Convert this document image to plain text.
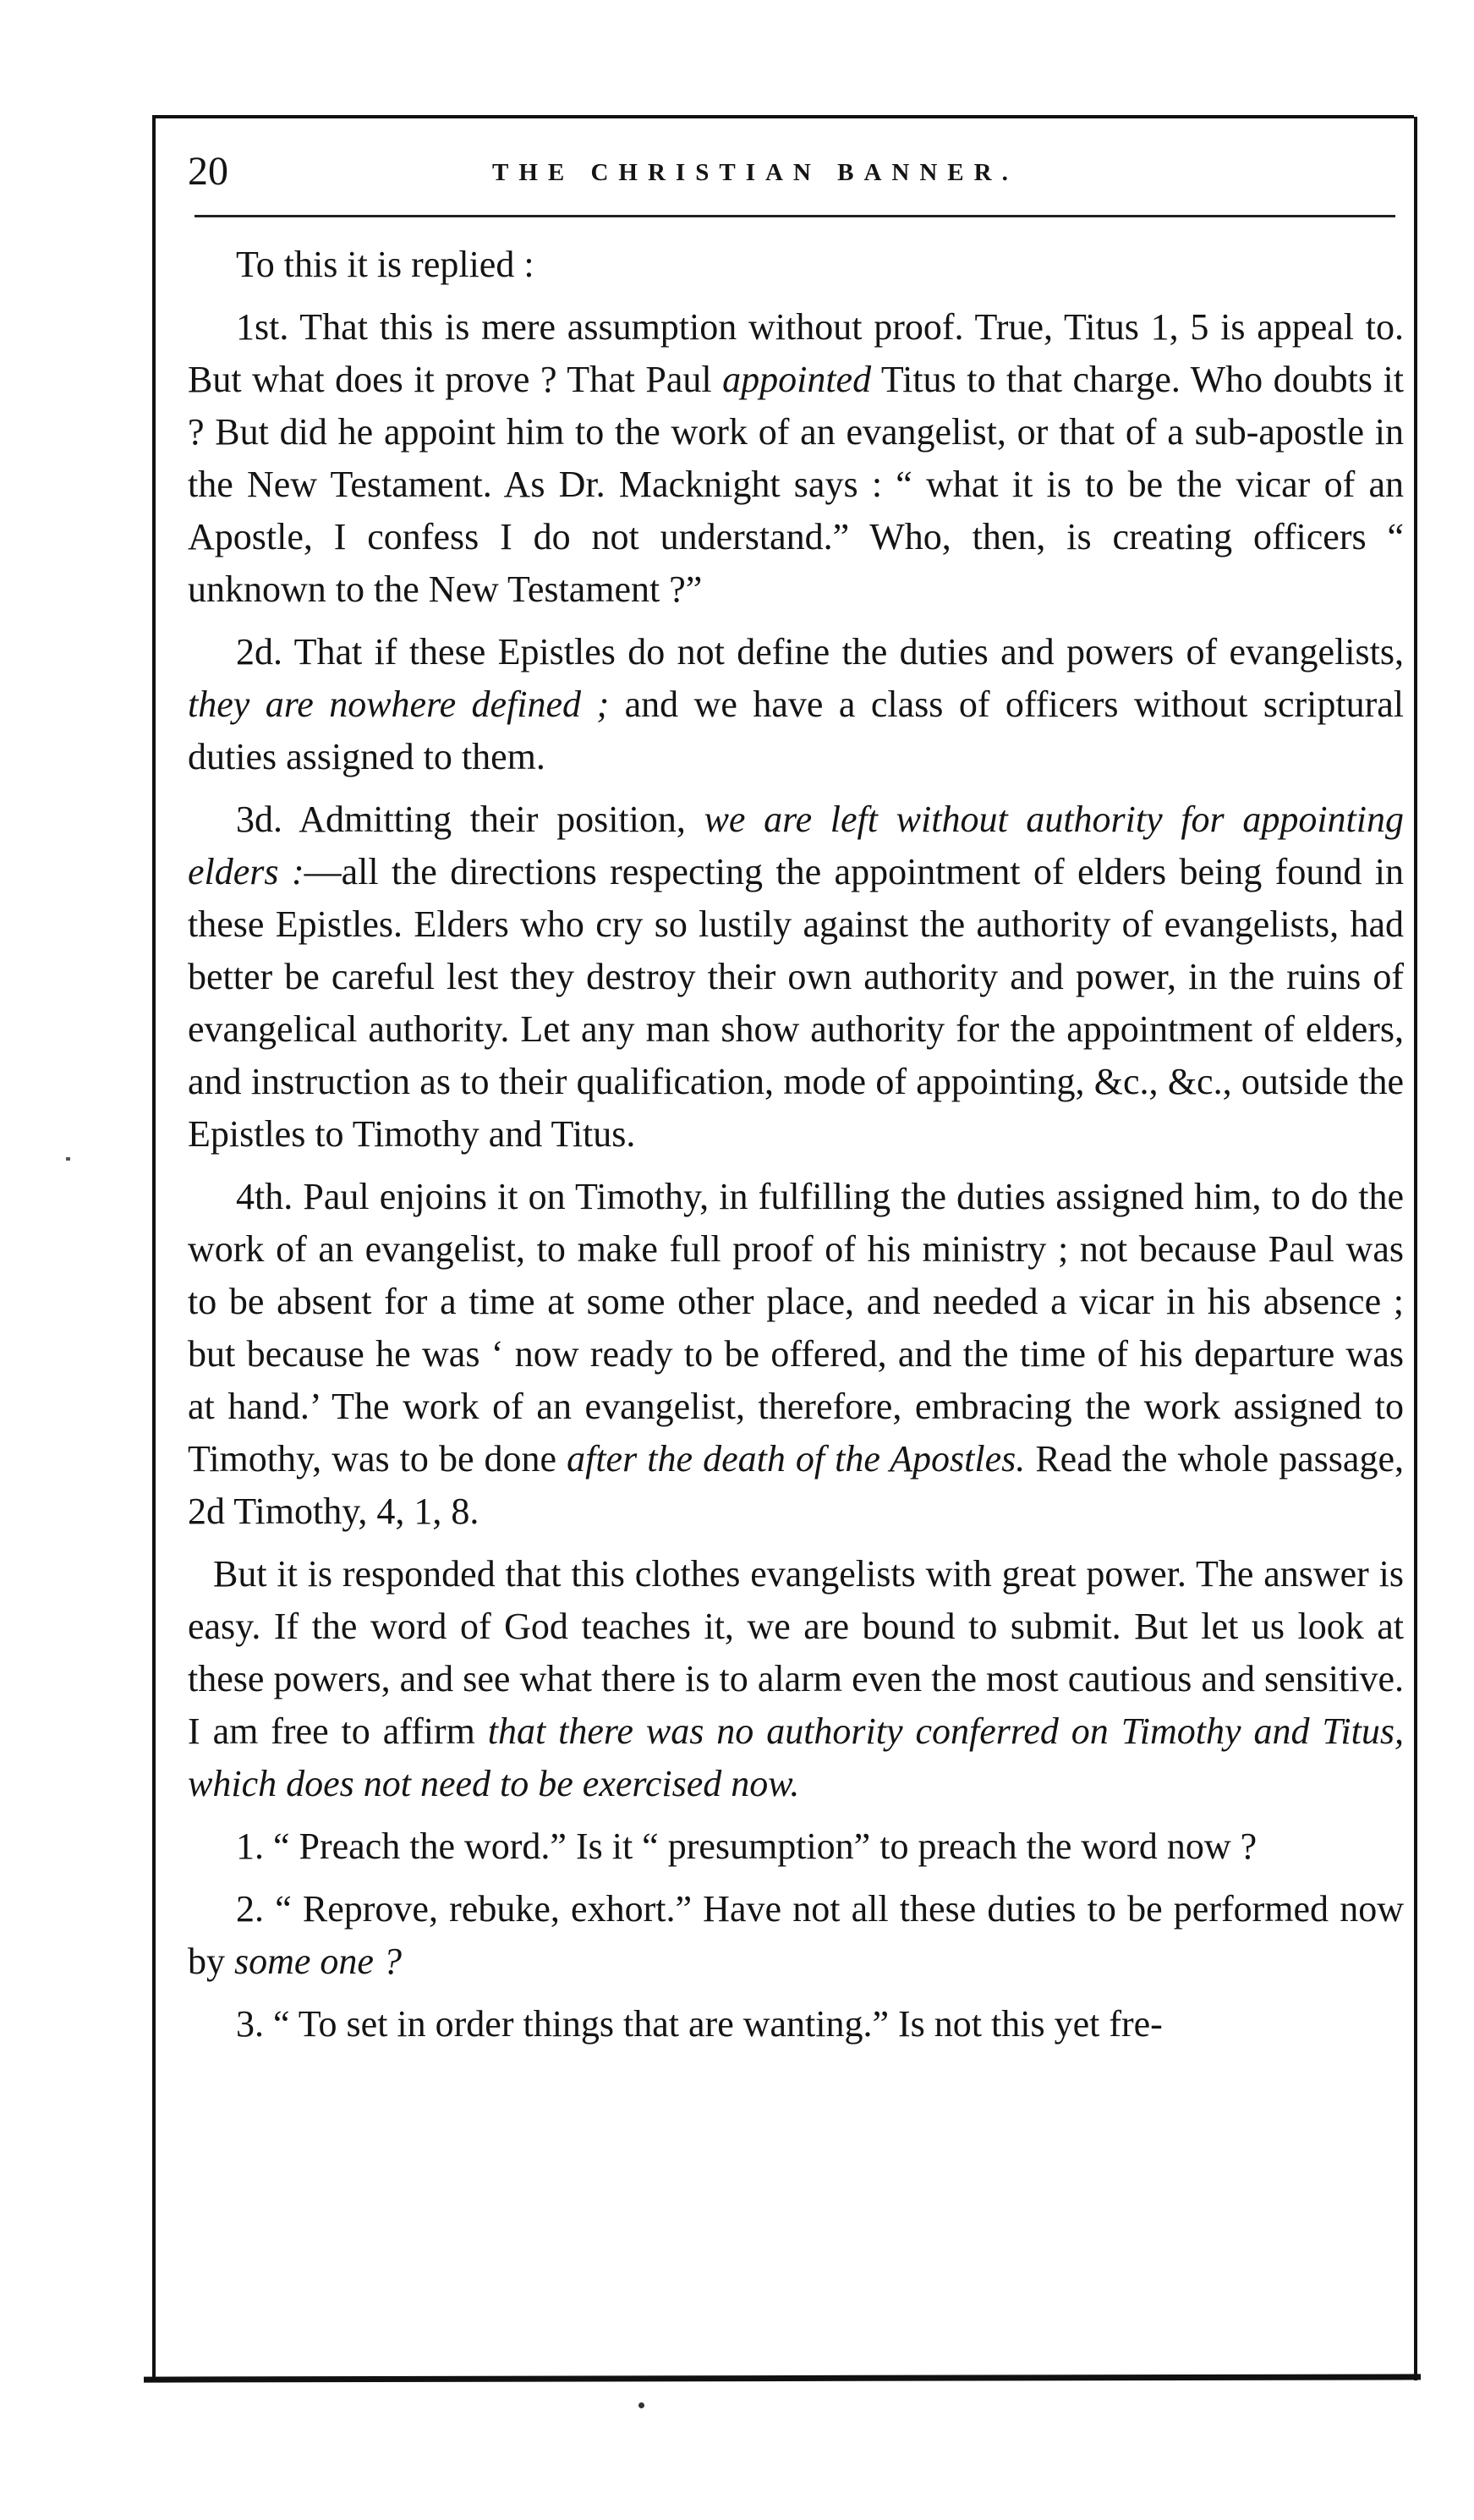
20	THE CHRISTIAN BANNER.

To this it is replied :

1st. That this is mere assumption without proof. True, Titus 1, 5 is appeal to. But what does it prove ? That Paul appointed Titus to that charge. Who doubts it ? But did he appoint him to the work of an evangelist, or that of a sub-apostle in the New Testament. As Dr. Macknight says : “ what it is to be the vicar of an Apostle, I confess I do not understand.” Who, then, is creating officers “ unknown to the New Testament ?”

2d. That if these Epistles do not define the duties and powers of evangelists, they are nowhere defined ; and we have a class of officers without scriptural duties assigned to them.

3d. Admitting their position, we are left without authority for appointing elders :—all the directions respecting the appointment of elders being found in these Epistles. Elders who cry so lustily against the authority of evangelists, had better be careful lest they destroy their own authority and power, in the ruins of evangelical authority. Let any man show authority for the appointment of elders, and instruction as to their qualification, mode of appointing, &c., &c., outside the Epistles to Timothy and Titus.

4th. Paul enjoins it on Timothy, in fulfilling the duties assigned him, to do the work of an evangelist, to make full proof of his ministry ; not because Paul was to be absent for a time at some other place, and needed a vicar in his absence ; but because he was ‘ now ready to be offered, and the time of his departure was at hand.’ The work of an evangelist, therefore, embracing the work assigned to Timothy, was to be done after the death of the Apostles. Read the whole passage, 2d Timothy, 4, 1, 8.

But it is responded that this clothes evangelists with great power. The answer is easy. If the word of God teaches it, we are bound to submit. But let us look at these powers, and see what there is to alarm even the most cautious and sensitive. I am free to affirm that there was no authority conferred on Timothy and Titus, which does not need to be exercised now.

1. “ Preach the word.” Is it “ presumption” to preach the word now ?

2. “ Reprove, rebuke, exhort.” Have not all these duties to be performed now by some one ?

3. “ To set in order things that are wanting.” Is not this yet fre-
